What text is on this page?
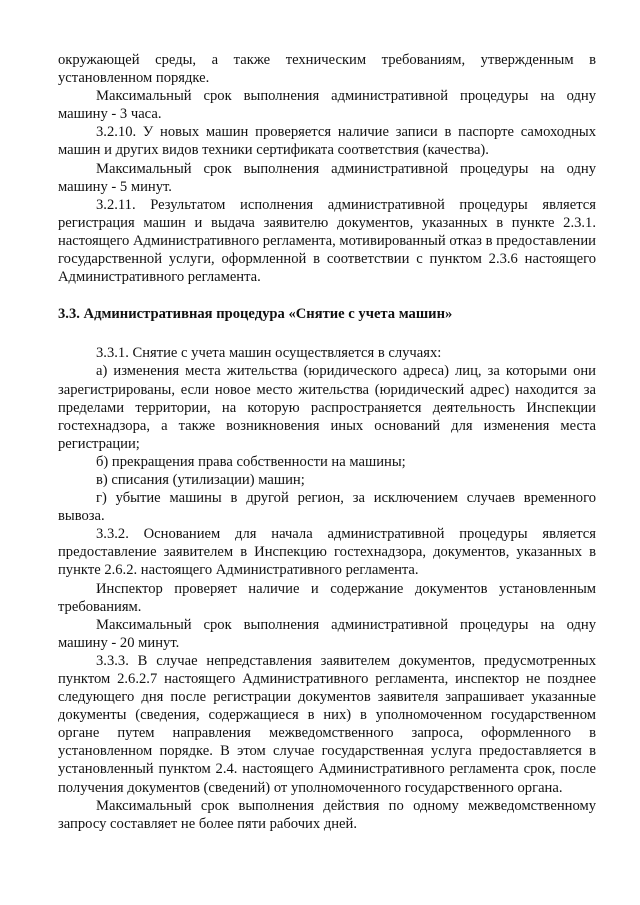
окружающей среды, а также техническим требованиям, утвержденным в установленном порядке.
Максимальный срок выполнения административной процедуры на одну машину - 3 часа.
3.2.10. У новых машин проверяется наличие записи в паспорте самоходных машин и других видов техники сертификата соответствия (качества).
Максимальный срок выполнения административной процедуры на одну машину - 5 минут.
3.2.11. Результатом исполнения административной процедуры является регистрация машин и выдача заявителю документов, указанных в пункте 2.3.1. настоящего Административного регламента, мотивированный отказ в предоставлении государственной услуги, оформленной в соответствии с пунктом 2.3.6 настоящего Административного регламента.
3.3. Административная процедура «Снятие с учета машин»
3.3.1. Снятие с учета машин осуществляется в случаях:
а) изменения места жительства (юридического адреса) лиц, за которыми они зарегистрированы, если новое место жительства (юридический адрес) находится за пределами территории, на которую распространяется деятельность Инспекции гостехнадзора, а также возникновения иных оснований для изменения места регистрации;
б) прекращения права собственности на машины;
в) списания (утилизации) машин;
г) убытие машины в другой регион, за исключением случаев временного вывоза.
3.3.2. Основанием для начала административной процедуры является предоставление заявителем в Инспекцию гостехнадзора, документов, указанных в пункте 2.6.2. настоящего Административного регламента.
Инспектор проверяет наличие и содержание документов установленным требованиям.
Максимальный срок выполнения административной процедуры на одну машину - 20 минут.
3.3.3. В случае непредставления заявителем документов, предусмотренных пунктом 2.6.2.7 настоящего Административного регламента, инспектор не позднее следующего дня после регистрации документов заявителя запрашивает указанные документы (сведения, содержащиеся в них) в уполномоченном государственном органе путем направления межведомственного запроса, оформленного в установленном порядке. В этом случае государственная услуга предоставляется в установленный пунктом 2.4. настоящего Административного регламента срок, после получения документов (сведений) от уполномоченного государственного органа.
Максимальный срок выполнения действия по одному межведомственному запросу составляет не более пяти рабочих дней.
